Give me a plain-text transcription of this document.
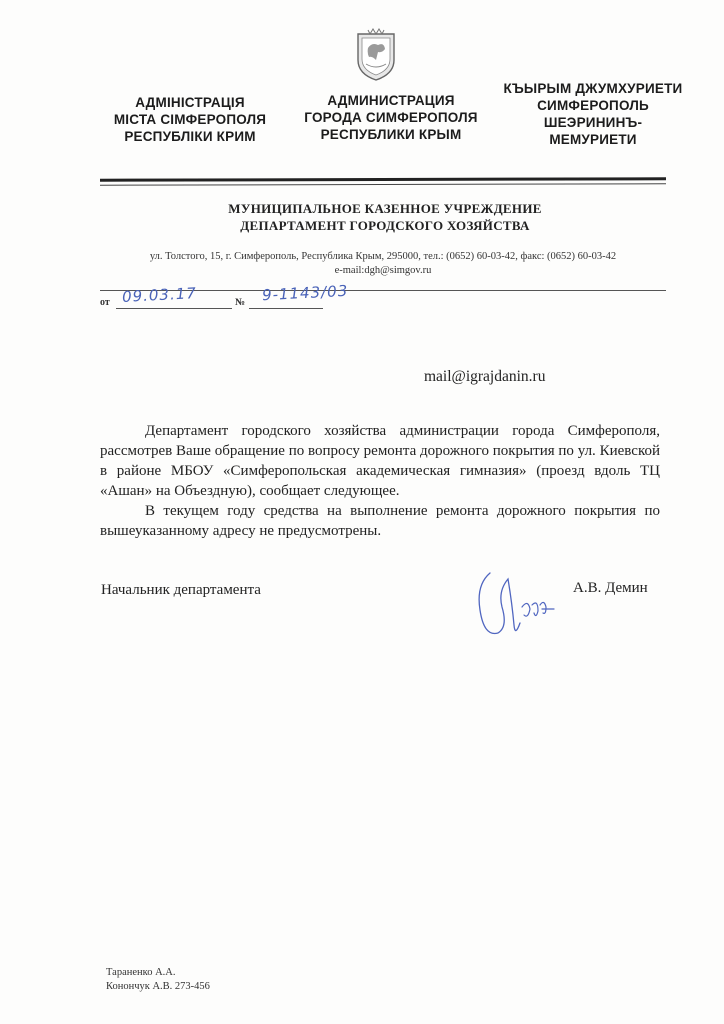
АДМІНІСТРАЦІЯ
МІСТА СІМФЕРОПОЛЯ
РЕСПУБЛІКИ КРИМ
АДМИНИСТРАЦИЯ
ГОРОДА СИМФЕРОПОЛЯ
РЕСПУБЛИКИ КРЫМ
КЪЫРЫМ ДЖУМХУРИЕТИ
СИМФЕРОПОЛЬ
ШЕЭРИНИНЪ-
МЕМУРИЕТИ
МУНИЦИПАЛЬНОЕ КАЗЕННОЕ УЧРЕЖДЕНИЕ
ДЕПАРТАМЕНТ ГОРОДСКОГО ХОЗЯЙСТВА
ул. Толстого, 15, г. Симферополь, Республика Крым, 295000, тел.: (0652) 60-03-42, факс: (0652) 60-03-42
e-mail:dgh@simgov.ru
от 09.03.17	№ 9-1143/03
mail@igrajdanin.ru

Департамент городского хозяйства администрации города Симферополя, рассмотрев Ваше обращение по вопросу ремонта дорожного покрытия по ул. Киевской в районе МБОУ «Симферопольская академическая гимназия» (проезд вдоль ТЦ «Ашан» на Объездную), сообщает следующее.

В текущем году средства на выполнение ремонта дорожного покрытия по вышеуказанному адресу не предусмотрены.

Начальник департамента	А.В. Демин
Тараненко А.А.
Конончук А.В. 273-456
